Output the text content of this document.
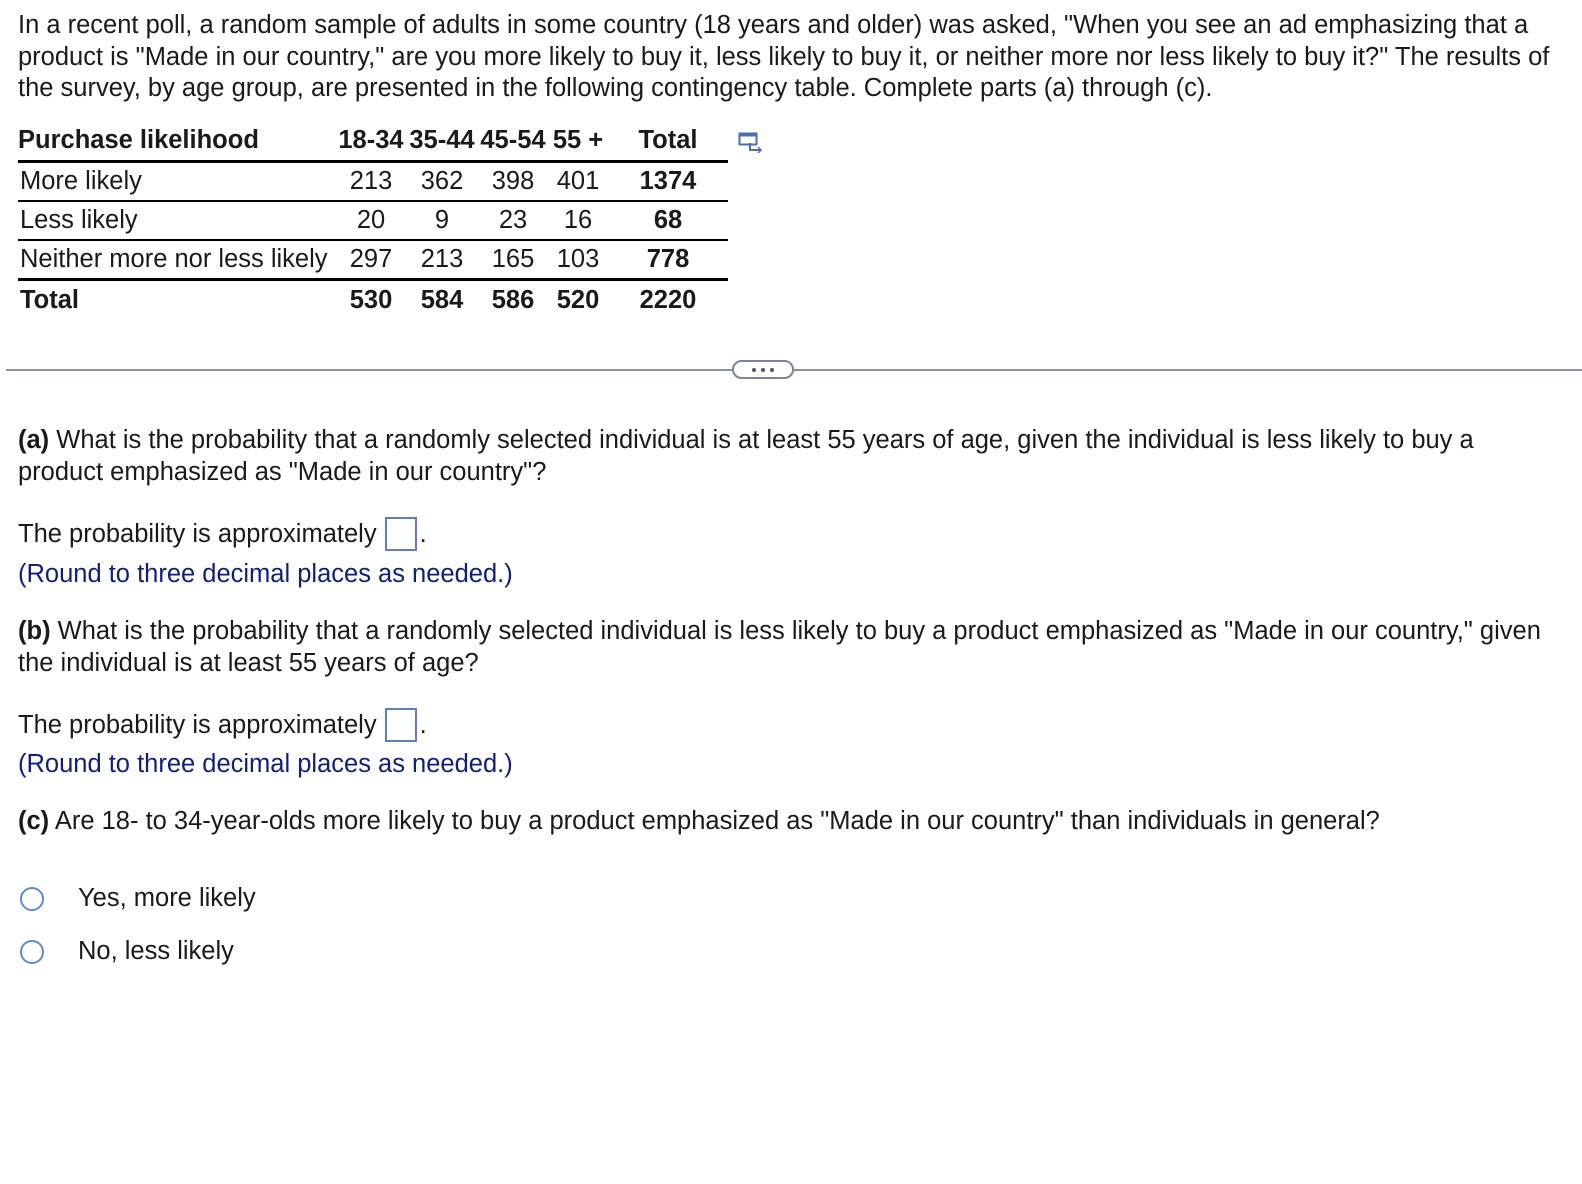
In a recent poll, a random sample of adults in some country (18 years and older) was asked, "When you see an ad emphasizing that a product is "Made in our country," are you more likely to buy it, less likely to buy it, or neither more nor less likely to buy it?" The results of the survey, by age group, are presented in the following contingency table. Complete parts (a) through (c).

Purchase likelihood	18-34	35-44	45-54	55 +	Total
More likely	213	362	398	401	1374
Less likely	20	9	23	16	68
Neither more nor less likely	297	213	165	103	778
Total	530	584	586	520	2220

(a) What is the probability that a randomly selected individual is at least 55 years of age, given the individual is less likely to buy a product emphasized as "Made in our country"?

The probability is approximately .
(Round to three decimal places as needed.)

(b) What is the probability that a randomly selected individual is less likely to buy a product emphasized as "Made in our country," given the individual is at least 55 years of age?

The probability is approximately .
(Round to three decimal places as needed.)

(c) Are 18- to 34-year-olds more likely to buy a product emphasized as "Made in our country" than individuals in general?

Yes, more likely
No, less likely
